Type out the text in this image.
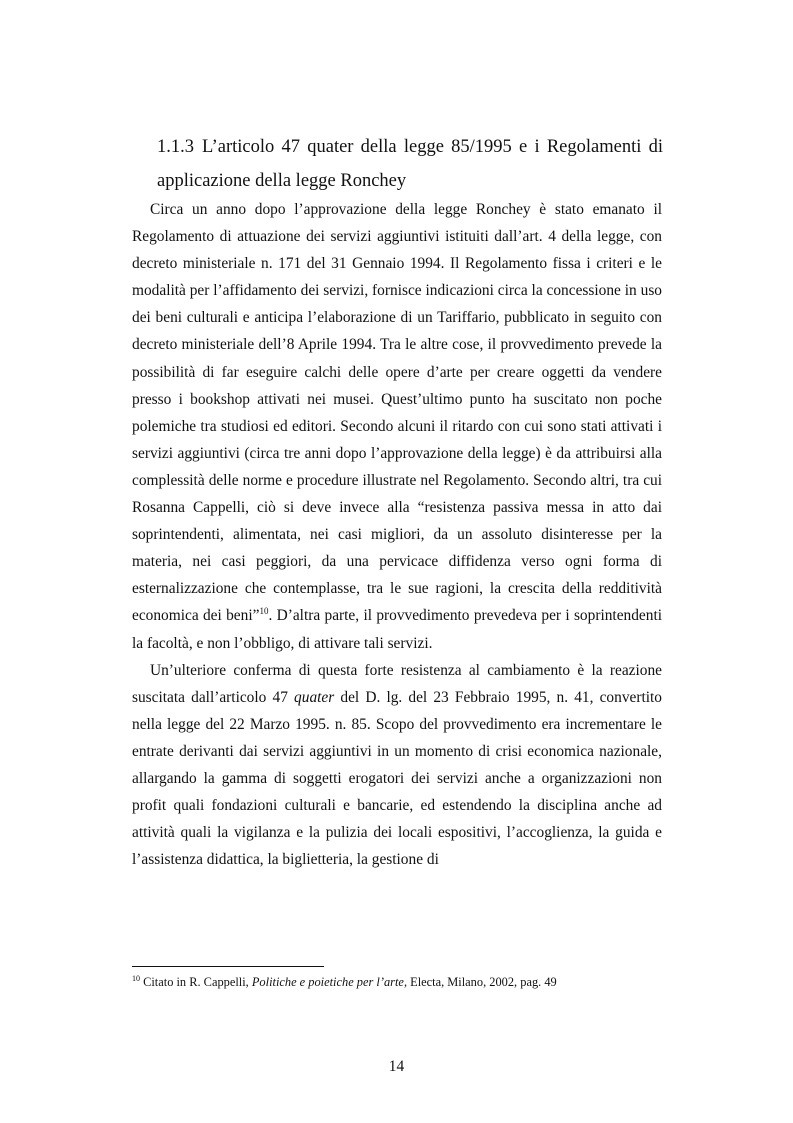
1.1.3 L’articolo 47 quater della legge 85/1995 e i Regolamenti di applicazione della legge Ronchey

Circa un anno dopo l’approvazione della legge Ronchey è stato emanato il Regolamento di attuazione dei servizi aggiuntivi istituiti dall’art. 4 della legge, con decreto ministeriale n. 171 del 31 Gennaio 1994. Il Regolamento fissa i criteri e le modalità per l’affidamento dei servizi, fornisce indicazioni circa la concessione in uso dei beni culturali e anticipa l’elaborazione di un Tariffario, pubblicato in seguito con decreto ministeriale dell’8 Aprile 1994. Tra le altre cose, il provvedimento prevede la possibilità di far eseguire calchi delle opere d’arte per creare oggetti da vendere presso i bookshop attivati nei musei. Quest’ultimo punto ha suscitato non poche polemiche tra studiosi ed editori. Secondo alcuni il ritardo con cui sono stati attivati i servizi aggiuntivi (circa tre anni dopo l’approvazione della legge) è da attribuirsi alla complessità delle norme e procedure illustrate nel Regolamento. Secondo altri, tra cui Rosanna Cappelli, ciò si deve invece alla “resistenza passiva messa in atto dai soprintendenti, alimentata, nei casi migliori, da un assoluto disinteresse per la materia, nei casi peggiori, da una pervicace diffidenza verso ogni forma di esternalizzazione che contemplasse, tra le sue ragioni, la crescita della redditività economica dei beni”$^{10}$. D’altra parte, il provvedimento prevedeva per i soprintendenti la facoltà, e non l’obbligo, di attivare tali servizi.

Un’ulteriore conferma di questa forte resistenza al cambiamento è la reazione suscitata dall’articolo 47 quater del D. lg. del 23 Febbraio 1995, n. 41, convertito nella legge del 22 Marzo 1995. n. 85. Scopo del provvedimento era incrementare le entrate derivanti dai servizi aggiuntivi in un momento di crisi economica nazionale, allargando la gamma di soggetti erogatori dei servizi anche a organizzazioni non profit quali fondazioni culturali e bancarie, ed estendendo la disciplina anche ad attività quali la vigilanza e la pulizia dei locali espositivi, l’accoglienza, la guida e l’assistenza didattica, la biglietteria, la gestione di

$^{10}$ Citato in R. Cappelli, Politiche e poietiche per l’arte, Electa, Milano, 2002, pag. 49
14
